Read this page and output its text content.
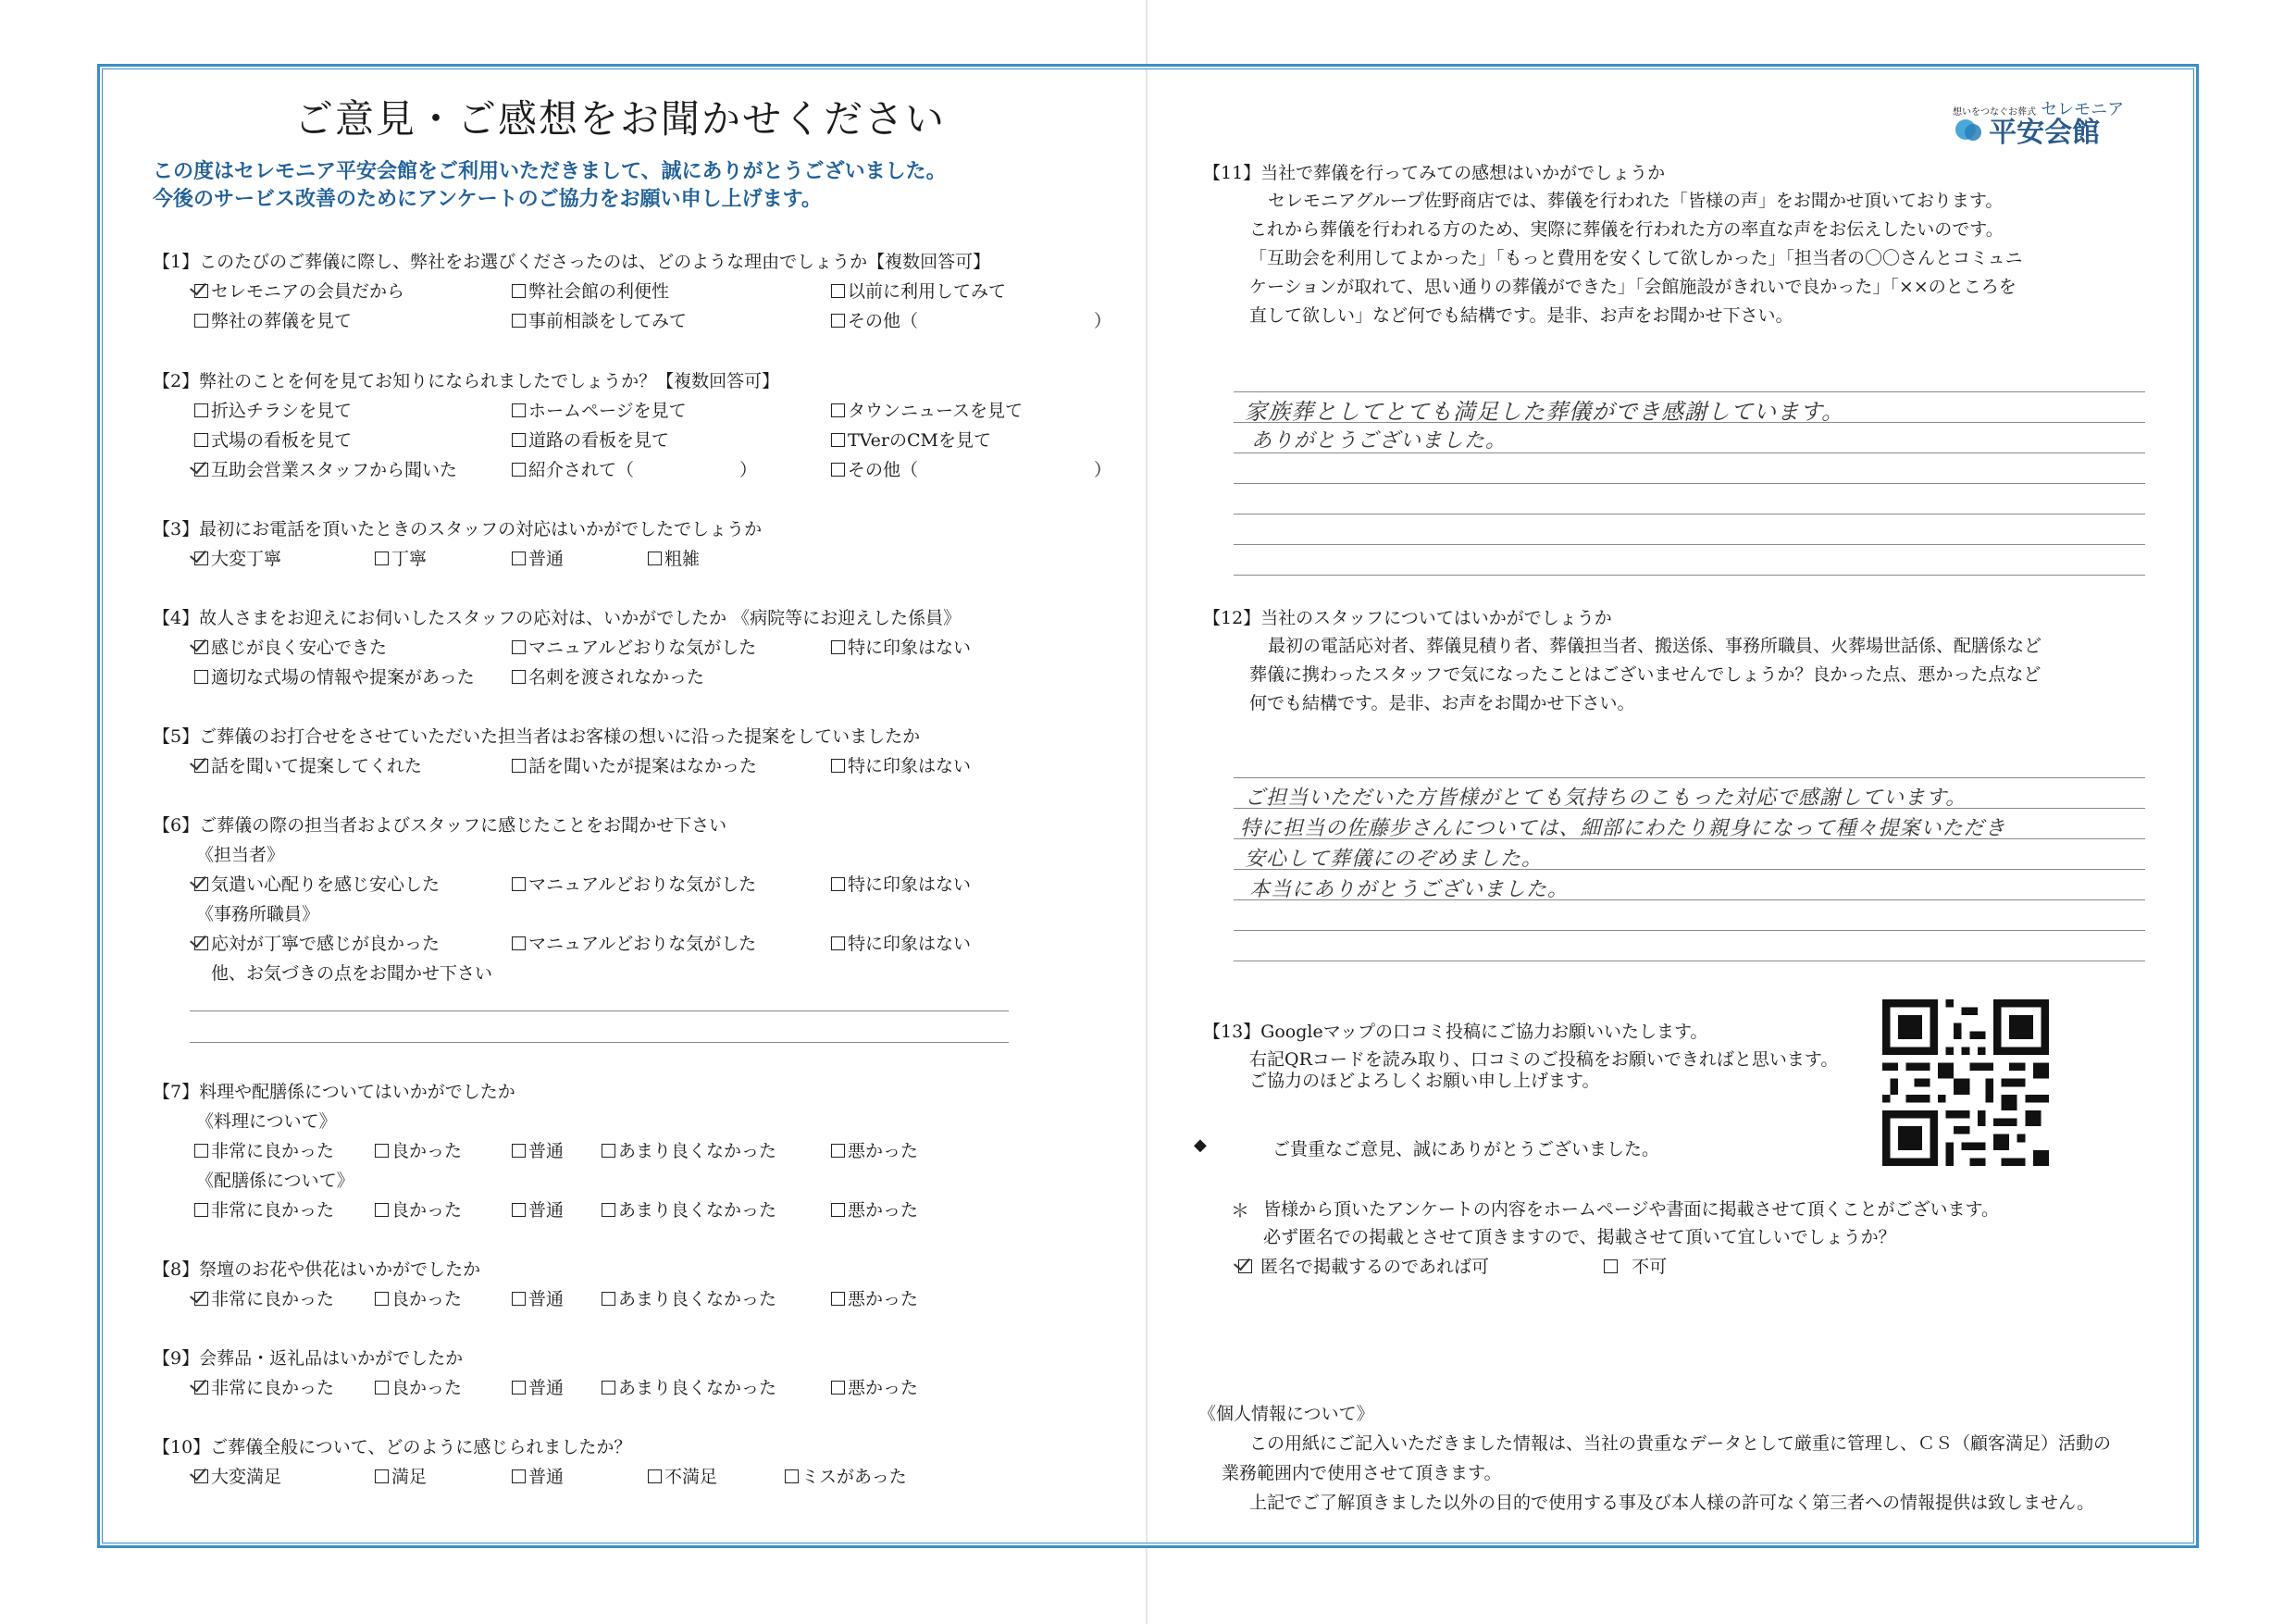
ご意見・ご感想をお聞かせください
この度はセレモニア平安会館をご利用いただきまして、誠にありがとうございました。
今後のサービス改善のためにアンケートのご協力をお願い申し上げます。
【1】このたびのご葬儀に際し、弊社をお選びくださったのは、どのような理由でしょうか【複数回答可】
セレモニアの会員だから	弊社会館の利便性	以前に利用してみて
弊社の葬儀を見て	事前相談をしてみて	その他（　　　　　　　　　　）
【2】弊社のことを何を見てお知りになられましたでしょうか？【複数回答可】
折込チラシを見て	ホームページを見て	タウンニュースを見て
式場の看板を見て	道路の看板を見て	TVerのCMを見て
互助会営業スタッフから聞いた	紹介されて（　　　　　　）	その他（　　　　　　　　　　）
【3】最初にお電話を頂いたときのスタッフの対応はいかがでしたでしょうか
大変丁寧	丁寧	普通	粗雑
【4】故人さまをお迎えにお伺いしたスタッフの応対は、いかがでしたか 《病院等にお迎えした係員》
感じが良く安心できた	マニュアルどおりな気がした	特に印象はない
適切な式場の情報や提案があった	名刺を渡されなかった
【5】ご葬儀のお打合せをさせていただいた担当者はお客様の想いに沿った提案をしていましたか
話を聞いて提案してくれた	話を聞いたが提案はなかった	特に印象はない
【6】ご葬儀の際の担当者およびスタッフに感じたことをお聞かせ下さい
《担当者》
気遣い心配りを感じ安心した	マニュアルどおりな気がした	特に印象はない
《事務所職員》
応対が丁寧で感じが良かった	マニュアルどおりな気がした	特に印象はない
他、お気づきの点をお聞かせ下さい
【7】料理や配膳係についてはいかがでしたか
《料理について》
非常に良かった	良かった	普通	あまり良くなかった	悪かった
《配膳係について》
非常に良かった	良かった	普通	あまり良くなかった	悪かった
【8】祭壇のお花や供花はいかがでしたか
非常に良かった	良かった	普通	あまり良くなかった	悪かった
【9】会葬品・返礼品はいかがでしたか
非常に良かった	良かった	普通	あまり良くなかった	悪かった
【10】ご葬儀全般について、どのように感じられましたか？
大変満足	満足	普通	不満足	ミスがあった
想いをつなぐお葬式 セレモニア
平安会館
【11】当社で葬儀を行ってみての感想はいかがでしょうか
セレモニアグループ佐野商店では、葬儀を行われた「皆様の声」をお聞かせ頂いております。
これから葬儀を行われる方のため、実際に葬儀を行われた方の率直な声をお伝えしたいのです。
「互助会を利用してよかった」「もっと費用を安くして欲しかった」「担当者の〇〇さんとコミュニ
ケーションが取れて、思い通りの葬儀ができた」「会館施設がきれいで良かった」「××のところを
直して欲しい」など何でも結構です。是非、お声をお聞かせ下さい。
家族葬としてとても満足した葬儀ができ感謝しています。
ありがとうございました。
【12】当社のスタッフについてはいかがでしょうか
最初の電話応対者、葬儀見積り者、葬儀担当者、搬送係、事務所職員、火葬場世話係、配膳係など
葬儀に携わったスタッフで気になったことはございませんでしょうか？良かった点、悪かった点など
何でも結構です。是非、お声をお聞かせ下さい。
ご担当いただいた方皆様がとても気持ちのこもった対応で感謝しています。
特に担当の佐藤步さんについては、細部にわたり親身になって種々提案いただき
安心して葬儀にのぞめました。
本当にありがとうございました。
【13】Googleマップの口コミ投稿にご協力お願いいたします。
右記QRコードを読み取り、口コミのご投稿をお願いできればと思います。
ご協力のほどよろしくお願い申し上げます。
◆	ご貴重なご意見、誠にありがとうございました。
＊ 皆様から頂いたアンケートの内容をホームページや書面に掲載させて頂くことがございます。
必ず匿名での掲載とさせて頂きますので、掲載させて頂いて宜しいでしょうか？
匿名で掲載するのであれば可	不可
《個人情報について》
この用紙にご記入いただきました情報は、当社の貴重なデータとして厳重に管理し、ＣＳ（顧客満足）活動の
業務範囲内で使用させて頂きます。
上記でご了解頂きました以外の目的で使用する事及び本人様の許可なく第三者への情報提供は致しません。
